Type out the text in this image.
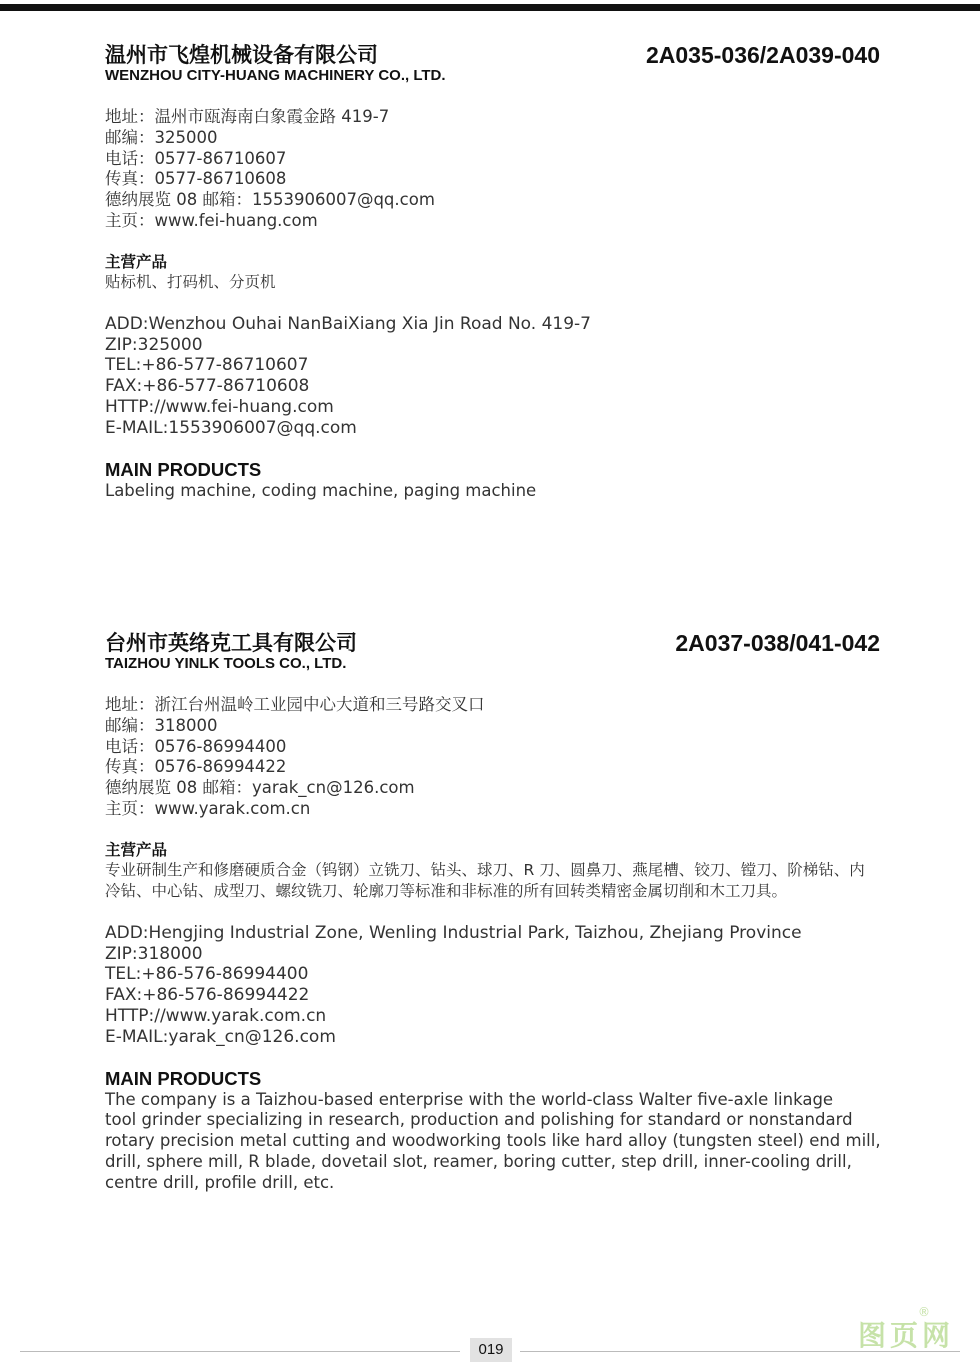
温州市飞煌机械设备有限公司	2A035-036/2A039-040
WENZHOU CITY-HUANG MACHINERY CO., LTD.
地址：温州市瓯海南白象霞金路 419-7
邮编：325000
电话：0577-86710607
传真：0577-86710608
德纳展览 08 邮箱：1553906007@qq.com
主页：www.fei-huang.com
主营产品
贴标机、打码机、分页机
ADD:Wenzhou Ouhai NanBaiXiang Xia Jin Road No. 419-7
ZIP:325000
TEL:+86-577-86710607
FAX:+86-577-86710608
HTTP://www.fei-huang.com
E-MAIL:1553906007@qq.com
MAIN PRODUCTS
Labeling machine, coding machine, paging machine
台州市英络克工具有限公司	2A037-038/041-042
TAIZHOU YINLK TOOLS CO., LTD.
地址：浙江台州温岭工业园中心大道和三号路交叉口
邮编：318000
电话：0576-86994400
传真：0576-86994422
德纳展览 08 邮箱：yarak_cn@126.com
主页：www.yarak.com.cn
主营产品
专业研制生产和修磨硬质合金（钨钢）立铣刀、钻头、球刀、R 刀、圆鼻刀、燕尾槽、铰刀、镗刀、阶梯钻、内冷钻、中心钻、成型刀、螺纹铣刀、轮廓刀等标准和非标准的所有回转类精密金属切削和木工刀具。
ADD:Hengjing Industrial Zone, Wenling Industrial Park, Taizhou, Zhejiang Province
ZIP:318000
TEL:+86-576-86994400
FAX:+86-576-86994422
HTTP://www.yarak.com.cn
E-MAIL:yarak_cn@126.com
MAIN PRODUCTS
The company is a Taizhou-based enterprise with the world-class Walter five-axle linkage
tool grinder specializing in research, production and polishing for standard or nonstandard
rotary precision metal cutting and woodworking tools like hard alloy (tungsten steel) end mill,
drill, sphere mill, R blade, dovetail slot, reamer, boring cutter, step drill, inner-cooling drill,
centre drill, profile drill, etc.
019	图页网
®
